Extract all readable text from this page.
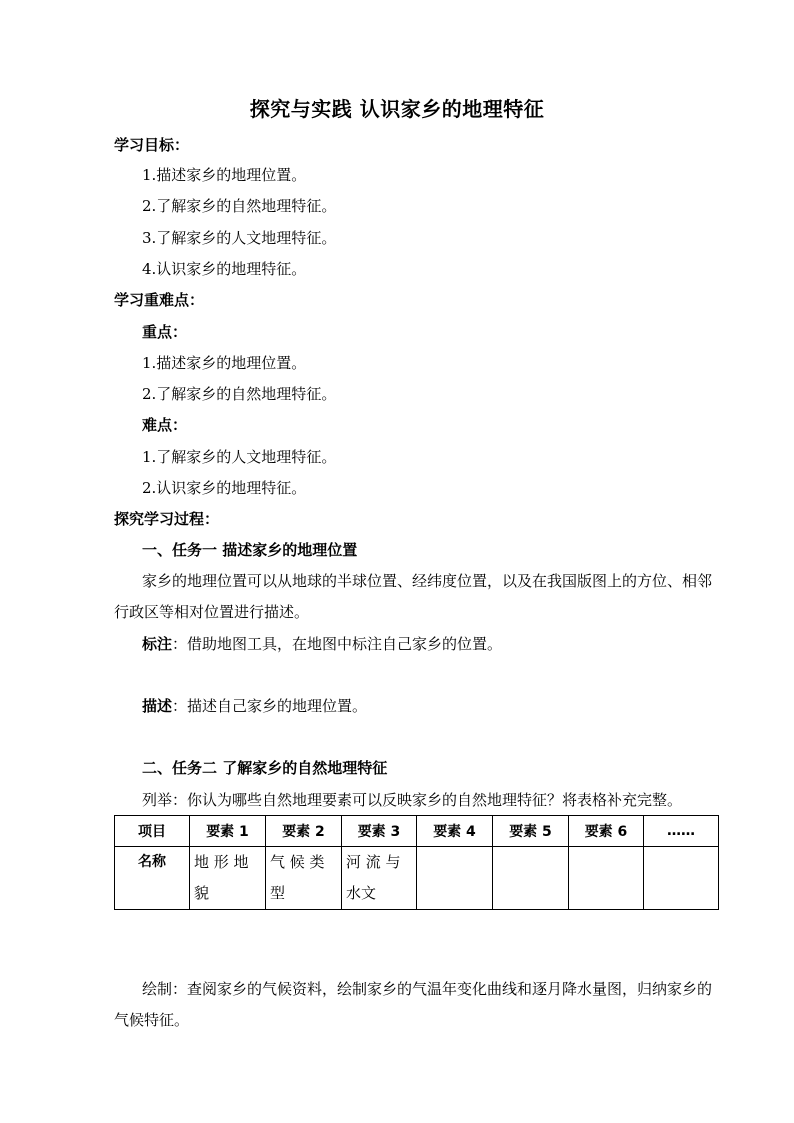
探究与实践 认识家乡的地理特征
学习目标：
1.描述家乡的地理位置。
2.了解家乡的自然地理特征。
3.了解家乡的人文地理特征。
4.认识家乡的地理特征。
学习重难点：
重点：
1.描述家乡的地理位置。
2.了解家乡的自然地理特征。
难点：
1.了解家乡的人文地理特征。
2.认识家乡的地理特征。
探究学习过程：
一、任务一 描述家乡的地理位置
家乡的地理位置可以从地球的半球位置、经纬度位置，以及在我国版图上的方位、相邻行政区等相对位置进行描述。
标注：借助地图工具，在地图中标注自己家乡的位置。
描述：描述自己家乡的地理位置。
二、任务二 了解家乡的自然地理特征
列举：你认为哪些自然地理要素可以反映家乡的自然地理特征？将表格补充完整。
项目	要素 1	要素 2	要素 3	要素 4	要素 5	要素 6	……
名称	地 形 地貌	气 候 类型	河 流 与水文				
绘制：查阅家乡的气候资料，绘制家乡的气温年变化曲线和逐月降水量图，归纳家乡的气候特征。
